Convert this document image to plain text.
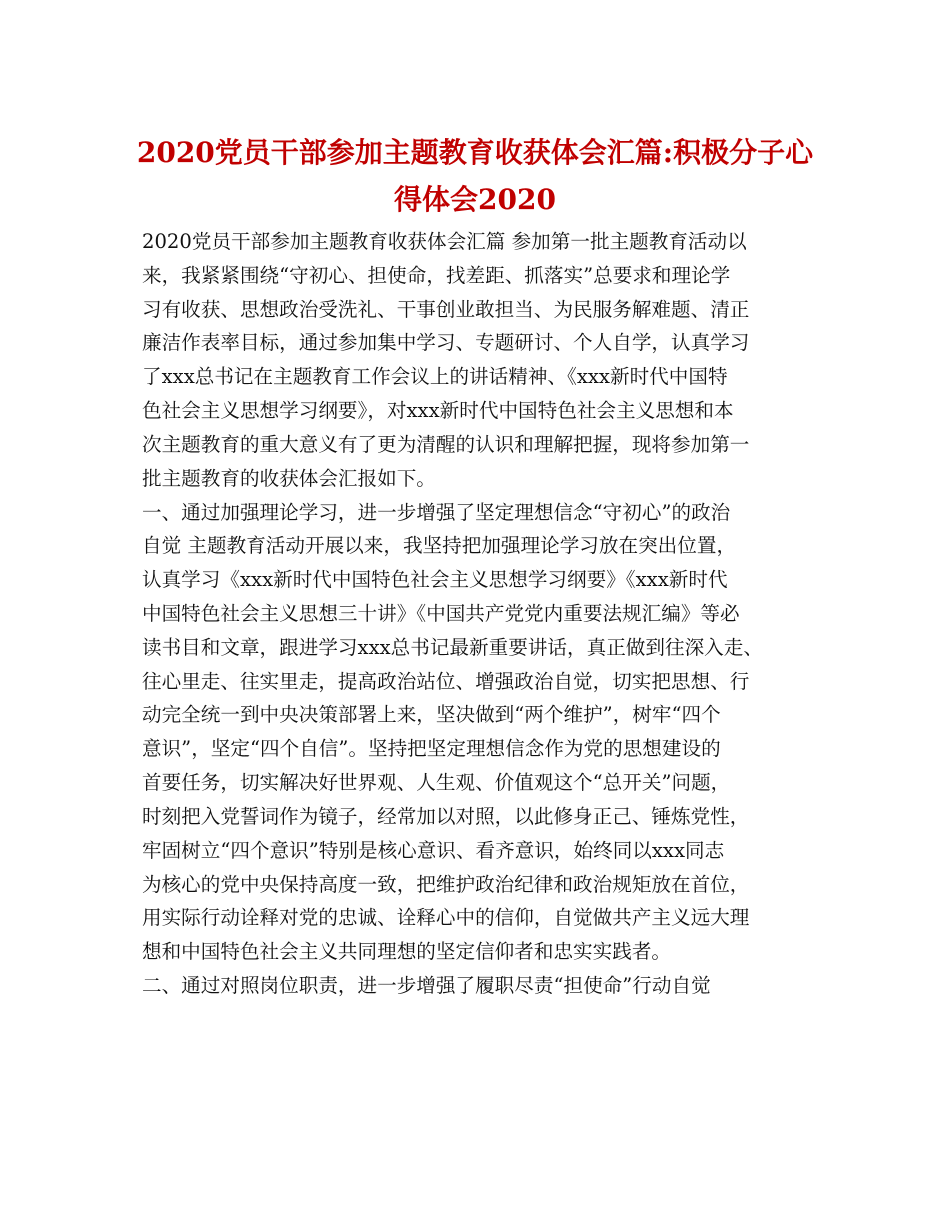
2020党员干部参加主题教育收获体会汇篇:积极分子心
得体会2020
2020党员干部参加主题教育收获体会汇篇 参加第一批主题教育活动以
来，我紧紧围绕“守初心、担使命，找差距、抓落实”总要求和理论学
习有收获、思想政治受洗礼、干事创业敢担当、为民服务解难题、清正
廉洁作表率目标，通过参加集中学习、专题研讨、个人自学，认真学习
了xxx总书记在主题教育工作会议上的讲话精神、《xxx新时代中国特
色社会主义思想学习纲要》，对xxx新时代中国特色社会主义思想和本
次主题教育的重大意义有了更为清醒的认识和理解把握，现将参加第一
批主题教育的收获体会汇报如下。
一、通过加强理论学习，进一步增强了坚定理想信念“守初心”的政治
自觉 主题教育活动开展以来，我坚持把加强理论学习放在突出位置，
认真学习《xxx新时代中国特色社会主义思想学习纲要》《xxx新时代
中国特色社会主义思想三十讲》《中国共产党党内重要法规汇编》等必
读书目和文章，跟进学习xxx总书记最新重要讲话，真正做到往深入走、
往心里走、往实里走，提高政治站位、增强政治自觉，切实把思想、行
动完全统一到中央决策部署上来，坚决做到“两个维护”，树牢“四个
意识”，坚定“四个自信”。坚持把坚定理想信念作为党的思想建设的
首要任务，切实解决好世界观、人生观、价值观这个“总开关”问题，
时刻把入党誓词作为镜子，经常加以对照，以此修身正己、锤炼党性，
牢固树立“四个意识”特别是核心意识、看齐意识，始终同以xxx同志
为核心的党中央保持高度一致，把维护政治纪律和政治规矩放在首位，
用实际行动诠释对党的忠诚、诠释心中的信仰，自觉做共产主义远大理
想和中国特色社会主义共同理想的坚定信仰者和忠实实践者。
二、通过对照岗位职责，进一步增强了履职尽责“担使命”行动自觉
